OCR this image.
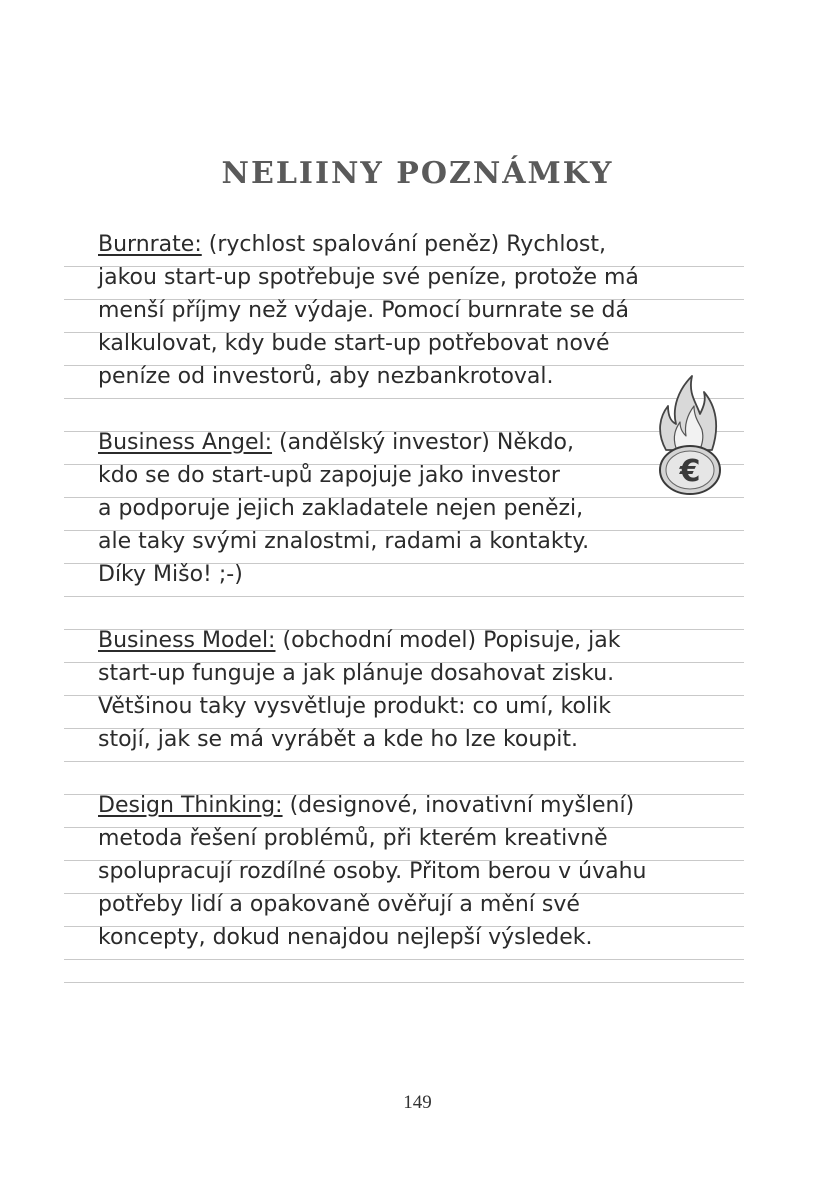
NELIINY POZNÁMKY
Burnrate: (rychlost spalování peněz) Rychlost,
jakou start-up spotřebuje své peníze, protože má
menší příjmy než výdaje. Pomocí burnrate se dá
kalkulovat, kdy bude start-up potřebovat nové
peníze od investorů, aby nezbankrotoval.
Business Angel: (andělský investor) Někdo,
kdo se do start-upů zapojuje jako investor
a podporuje jejich zakladatele nejen penězi,
ale taky svými znalostmi, radami a kontakty.
Díky Mišo! ;-)
Business Model: (obchodní model) Popisuje, jak
start-up funguje a jak plánuje dosahovat zisku.
Většinou taky vysvětluje produkt: co umí, kolik
stojí, jak se má vyrábět a kde ho lze koupit.
Design Thinking: (designové, inovativní myšlení)
metoda řešení problémů, při kterém kreativně
spolupracují rozdílné osoby. Přitom berou v úvahu
potřeby lidí a opakovaně ověřují a mění své
koncepty, dokud nenajdou nejlepší výsledek.
€
149
